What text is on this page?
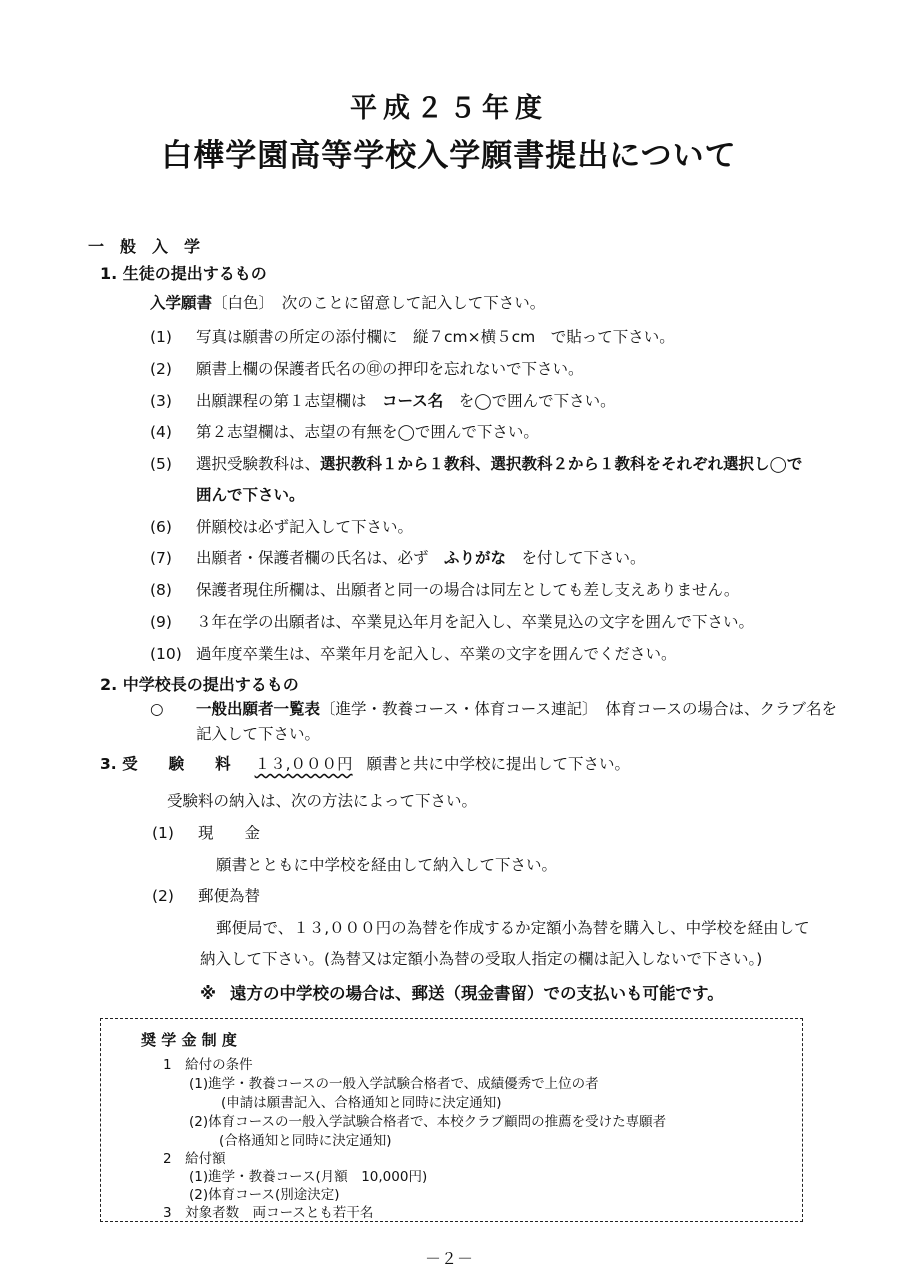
平成２５年度
白樺学園高等学校入学願書提出について
一　般　入　学
1. 生徒の提出するもの
入学願書〔白色〕　次のことに留意して記入して下さい。
(1) 写真は願書の所定の添付欄に　縦７cm×横５cm　で貼って下さい。
(2) 願書上欄の保護者氏名の㊞の押印を忘れないで下さい。
(3) 出願課程の第１志望欄は　コース名　を◯で囲んで下さい。
(4) 第２志望欄は、志望の有無を◯で囲んで下さい。
(5) 選択受験教科は、選択教科１から１教科、選択教科２から１教科をそれぞれ選択し◯で
囲んで下さい。
(6) 併願校は必ず記入して下さい。
(7) 出願者・保護者欄の氏名は、必ず　ふりがな　を付して下さい。
(8) 保護者現住所欄は、出願者と同一の場合は同左としても差し支えありません。
(9) ３年在学の出願者は、卒業見込年月を記入し、卒業見込の文字を囲んで下さい。
(10) 過年度卒業生は、卒業年月を記入し、卒業の文字を囲んでください。
2. 中学校長の提出するもの
○ 一般出願者一覧表〔進学・教養コース・体育コース連記〕　体育コースの場合は、クラブ名を
記入して下さい。
3. 受　　験　　料 １３,０００円 願書と共に中学校に提出して下さい。
受験料の納入は、次の方法によって下さい。
(1) 現　　金
願書とともに中学校を経由して納入して下さい。
(2) 郵便為替
郵便局で、１３,０００円の為替を作成するか定額小為替を購入し、中学校を経由して
納入して下さい。(為替又は定額小為替の受取人指定の欄は記入しないで下さい。)
※ 遠方の中学校の場合は、郵送（現金書留）での支払いも可能です。
奨 学 金 制 度
1　給付の条件
(1)進学・教養コースの一般入学試験合格者で、成績優秀で上位の者
(申請は願書記入、合格通知と同時に決定通知)
(2)体育コースの一般入学試験合格者で、本校クラブ顧問の推薦を受けた専願者
(合格通知と同時に決定通知)
2　給付額
(1)進学・教養コース(月額　10,000円)
(2)体育コース(別途決定)
3　対象者数　両コースとも若干名
－２－
